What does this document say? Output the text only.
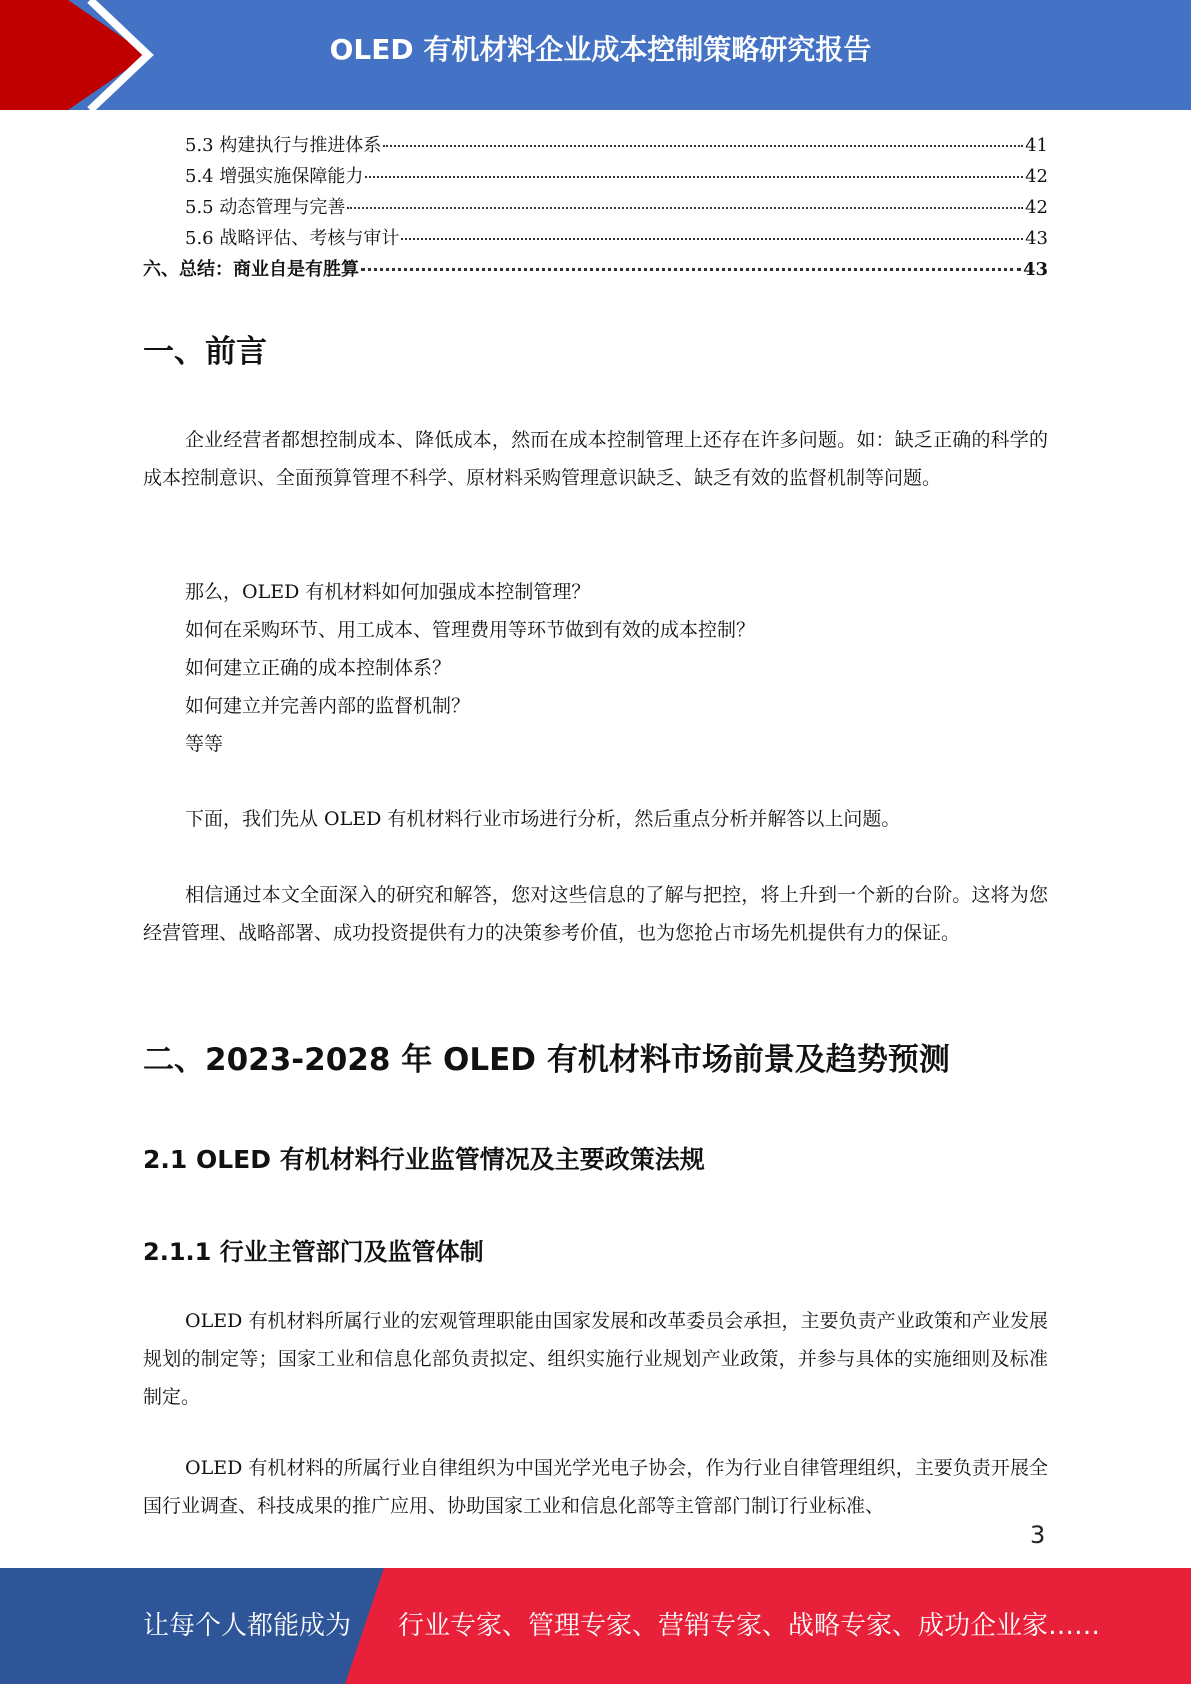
OLED 有机材料企业成本控制策略研究报告
5.3 构建执行与推进体系	41
5.4 增强实施保障能力	42
5.5 动态管理与完善	42
5.6 战略评估、考核与审计	43
六、总结：商业自是有胜算	43
一、前言

企业经营者都想控制成本、降低成本，然而在成本控制管理上还存在许多问题。如：缺乏正确的科学的成本控制意识、全面预算管理不科学、原材料采购管理意识缺乏、缺乏有效的监督机制等问题。

那么，OLED 有机材料如何加强成本控制管理？
如何在采购环节、用工成本、管理费用等环节做到有效的成本控制？
如何建立正确的成本控制体系？
如何建立并完善内部的监督机制？
等等

下面，我们先从 OLED 有机材料行业市场进行分析，然后重点分析并解答以上问题。

相信通过本文全面深入的研究和解答，您对这些信息的了解与把控，将上升到一个新的台阶。这将为您经营管理、战略部署、成功投资提供有力的决策参考价值，也为您抢占市场先机提供有力的保证。

二、2023-2028 年 OLED 有机材料市场前景及趋势预测
2.1 OLED 有机材料行业监管情况及主要政策法规
2.1.1 行业主管部门及监管体制

OLED 有机材料所属行业的宏观管理职能由国家发展和改革委员会承担，主要负责产业政策和产业发展规划的制定等；国家工业和信息化部负责拟定、组织实施行业规划产业政策，并参与具体的实施细则及标准制定。

OLED 有机材料的所属行业自律组织为中国光学光电子协会，作为行业自律管理组织，主要负责开展全国行业调查、科技成果的推广应用、协助国家工业和信息化部等主管部门制订行业标准、

3
让每个人都能成为 行业专家、管理专家、营销专家、战略专家、成功企业家……
